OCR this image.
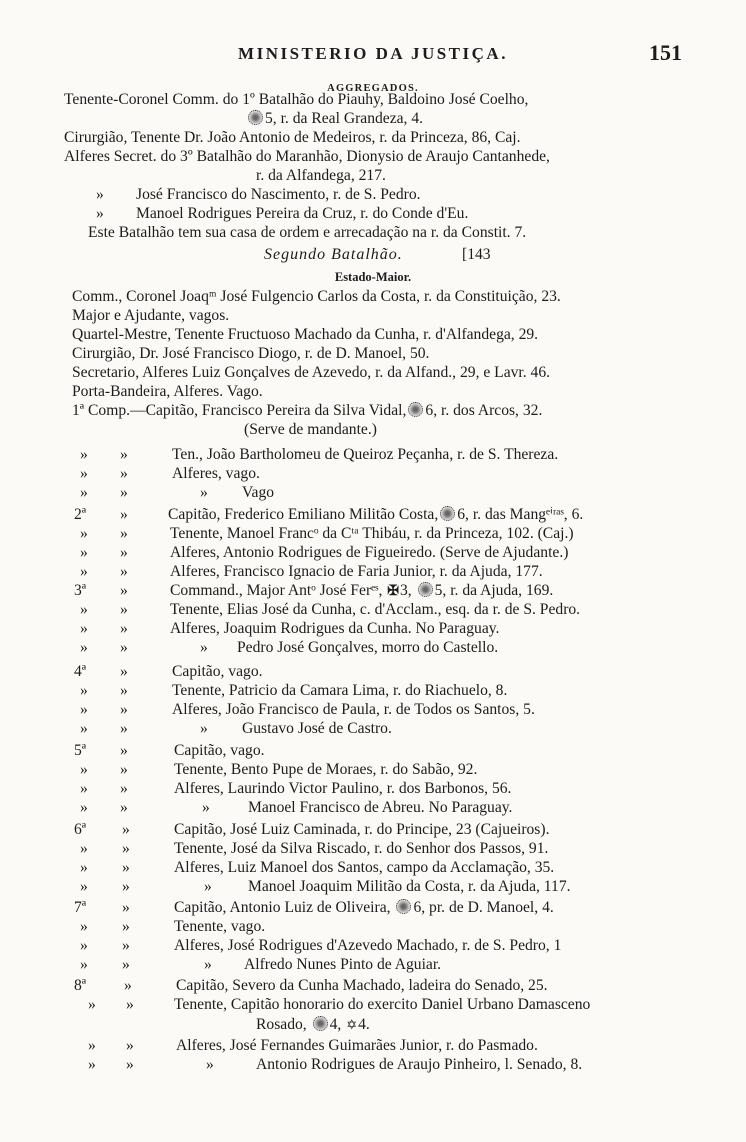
MINISTERIO DA JUSTIÇA.	151
AGGREGADOS.
Tenente-Coronel Comm. do 1º Batalhão do Piauhy, Baldoino José Coelho,
5, r. da Real Grandeza, 4.
Cirurgião, Tenente Dr. João Antonio de Medeiros, r. da Princeza, 86, Caj.
Alferes Secret. do 3º Batalhão do Maranhão, Dionysio de Araujo Cantanhede,
r. da Alfandega, 217.
» José Francisco do Nascimento, r. de S. Pedro.
» Manoel Rodrigues Pereira da Cruz, r. do Conde d'Eu.
Este Batalhão tem sua casa de ordem e arrecadação na r. da Constit. 7.
Segundo Batalhão.	[143
Estado-Maior.
Comm., Coronel Joaqᵐ José Fulgencio Carlos da Costa, r. da Constituição, 23.
Major e Ajudante, vagos.
Quartel-Mestre, Tenente Fructuoso Machado da Cunha, r. d'Alfandega, 29.
Cirurgião, Dr. José Francisco Diogo, r. de D. Manoel, 50.
Secretario, Alferes Luiz Gonçalves de Azevedo, r. da Alfand., 29, e Lavr. 46.
Porta-Bandeira, Alferes. Vago.
1ª Comp.—Capitão, Francisco Pereira da Silva Vidal, 6, r. dos Arcos, 32.
(Serve de mandante.)
» »	Ten., João Bartholomeu de Queiroz Peçanha, r. de S. Thereza.
» »	Alferes, vago.
» »	» Vago
2ª »	Capitão, Frederico Emiliano Militão Costa, 6, r. das Mangᵉⁱʳᵃˢ, 6.
» »	Tenente, Manoel Francᵒ da Cᵗᵃ Thibáu, r. da Princeza, 102. (Caj.)
» »	Alferes, Antonio Rodrigues de Figueiredo. (Serve de Ajudante.)
» »	Alferes, Francisco Ignacio de Faria Junior, r. da Ajuda, 177.
3ª »	Command., Major Antᵒ José Ferᵉˢ, ✠3, 5, r. da Ajuda, 169.
» »	Tenente, Elias José da Cunha, c. d'Acclam., esq. da r. de S. Pedro.
» »	Alferes, Joaquim Rodrigues da Cunha. No Paraguay.
» »	» Pedro José Gonçalves, morro do Castello.
4ª »	Capitão, vago.
» »	Tenente, Patricio da Camara Lima, r. do Riachuelo, 8.
» »	Alferes, João Francisco de Paula, r. de Todos os Santos, 5.
» »	» Gustavo José de Castro.
5ª »	Capitão, vago.
» »	Tenente, Bento Pupe de Moraes, r. do Sabão, 92.
» »	Alferes, Laurindo Victor Paulino, r. dos Barbonos, 56.
» »	» Manoel Francisco de Abreu. No Paraguay.
6ª »	Capitão, José Luiz Caminada, r. do Principe, 23 (Cajueiros).
» »	Tenente, José da Silva Riscado, r. do Senhor dos Passos, 91.
» »	Alferes, Luiz Manoel dos Santos, campo da Acclamação, 35.
» »	» Manoel Joaquim Militão da Costa, r. da Ajuda, 117.
7ª »	Capitão, Antonio Luiz de Oliveira, 6, pr. de D. Manoel, 4.
» »	Tenente, vago.
» »	Alferes, José Rodrigues d'Azevedo Machado, r. de S. Pedro, 1
» »	» Alfredo Nunes Pinto de Aguiar.
8ª »	Capitão, Severo da Cunha Machado, ladeira do Senado, 25.
» »	Tenente, Capitão honorario do exercito Daniel Urbano Damasceno
Rosado, 4, ✡4.
» »	Alferes, José Fernandes Guimarães Junior, r. do Pasmado.
» »	»	Antonio Rodrigues de Araujo Pinheiro, l. Senado, 8.
